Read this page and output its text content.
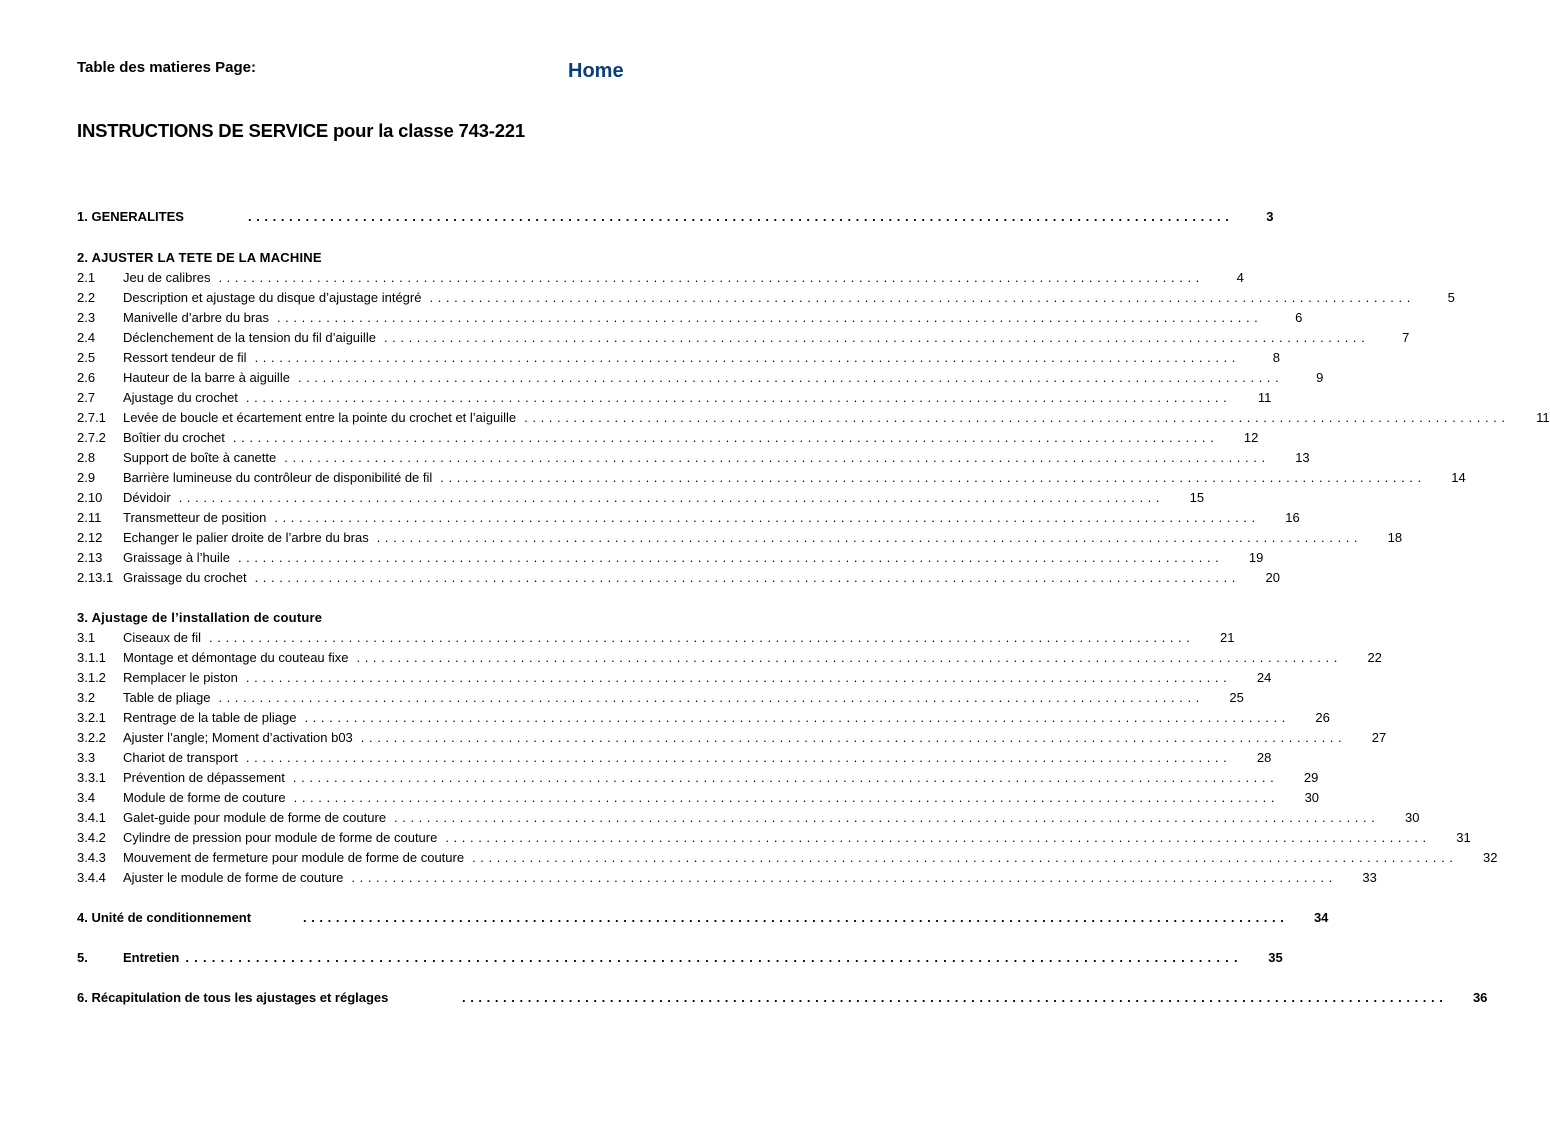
Table des matieres Page:	Home
INSTRUCTIONS DE SERVICE pour la classe 743-221
1. GENERALITES	........................................................................................................................	3
2. AJUSTER LA TETE DE LA MACHINE
2.1	Jeu de calibres ........................................................................................................................	4
2.2	Description et ajustage du disque d’ajustage intégré ........................................................................................................................	5
2.3	Manivelle d’arbre du bras ........................................................................................................................	6
2.4	Déclenchement de la tension du fil d’aiguille ........................................................................................................................	7
2.5	Ressort tendeur de fil ........................................................................................................................	8
2.6	Hauteur de la barre à aiguille ........................................................................................................................	9
2.7	Ajustage du crochet ........................................................................................................................	11
2.7.1	Levée de boucle et écartement entre la pointe du crochet et l’aiguille ........................................................................................................................	11
2.7.2	Boîtier du crochet ........................................................................................................................	12
2.8	Support de boîte à canette ........................................................................................................................	13
2.9	Barrière lumineuse du contrôleur de disponibilité de fil ........................................................................................................................	14
2.10	Dévidoir ........................................................................................................................	15
2.11	Transmetteur de position ........................................................................................................................	16
2.12	Echanger le palier droite de l’arbre du bras ........................................................................................................................	18
2.13	Graissage à l’huile ........................................................................................................................	19
2.13.1 Graissage du crochet ........................................................................................................................	20
3. Ajustage de l’installation de couture
3.1	Ciseaux de fil ........................................................................................................................	21
3.1.1	Montage et démontage du couteau fixe ........................................................................................................................	22
3.1.2	Remplacer le piston ........................................................................................................................	24
3.2	Table de pliage ........................................................................................................................	25
3.2.1	Rentrage de la table de pliage ........................................................................................................................	26
3.2.2	Ajuster l’angle; Moment d’activation b03 ........................................................................................................................	27
3.3	Chariot de transport ........................................................................................................................	28
3.3.1	Prévention de dépassement ........................................................................................................................	29
3.4	Module de forme de couture ........................................................................................................................	30
3.4.1	Galet-guide pour module de forme de couture ........................................................................................................................	30
3.4.2	Cylindre de pression pour module de forme de couture ........................................................................................................................	31
3.4.3	Mouvement de fermeture pour module de forme de couture ........................................................................................................................	32
3.4.4	Ajuster le module de forme de couture ........................................................................................................................	33
4. Unité de conditionnement	........................................................................................................................	34
5.	Entretien ........................................................................................................................	35
6. Récapitulation de tous les ajustages et réglages	........................................................................................................................	36
